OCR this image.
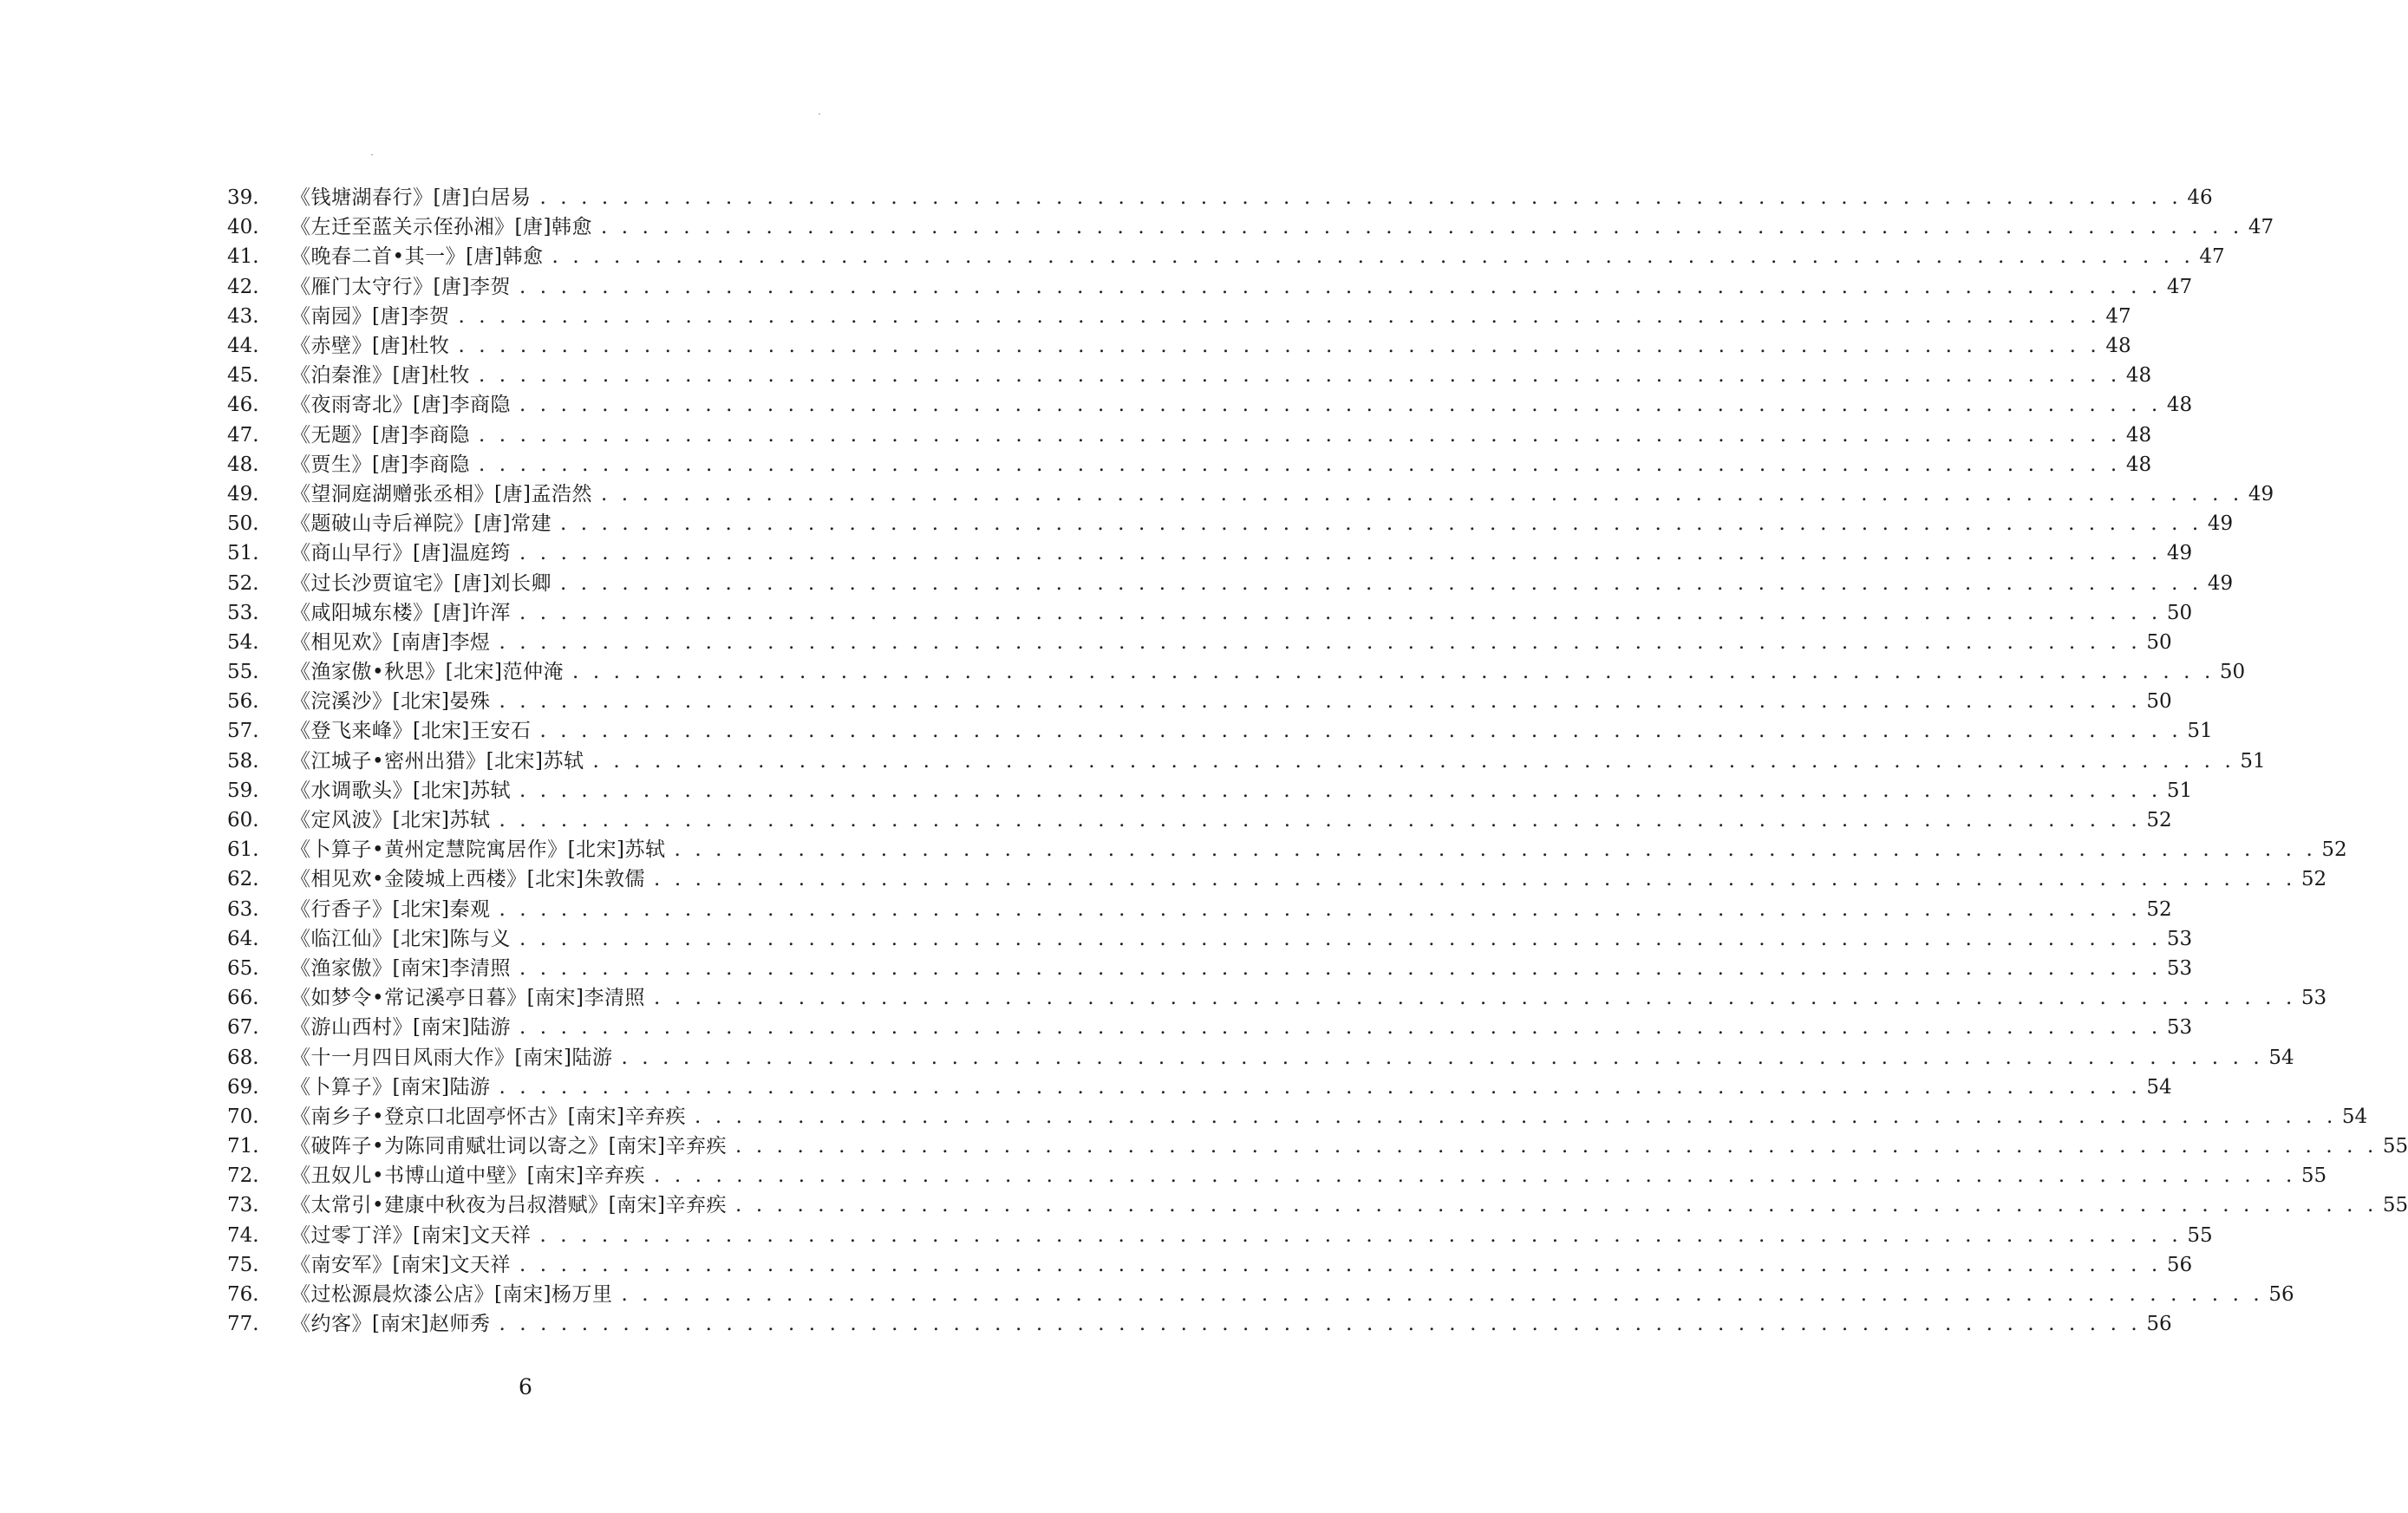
39.	《钱塘湖春行》[唐]白居易 . . . . . . . . . . . . . . . . . . . . . . . . . . . . . . . . . . . . . . . . . . . . . . . . . . . . . . . . . . . . . . . . . . . . . . . . . . . . . . . . 46
40.	《左迁至蓝关示侄孙湘》[唐]韩愈 . . . . . . . . . . . . . . . . . . . . . . . . . . . . . . . . . . . . . . . . . . . . . . . . . . . . . . . . . . . . . . . . . . . . . . . . . . . . . . . . 47
41.	《晚春二首•其一》[唐]韩愈 . . . . . . . . . . . . . . . . . . . . . . . . . . . . . . . . . . . . . . . . . . . . . . . . . . . . . . . . . . . . . . . . . . . . . . . . . . . . . . . . 47
42.	《雁门太守行》[唐]李贺 . . . . . . . . . . . . . . . . . . . . . . . . . . . . . . . . . . . . . . . . . . . . . . . . . . . . . . . . . . . . . . . . . . . . . . . . . . . . . . . . 47
43.	《南园》[唐]李贺 . . . . . . . . . . . . . . . . . . . . . . . . . . . . . . . . . . . . . . . . . . . . . . . . . . . . . . . . . . . . . . . . . . . . . . . . . . . . . . . . 47
44.	《赤壁》[唐]杜牧 . . . . . . . . . . . . . . . . . . . . . . . . . . . . . . . . . . . . . . . . . . . . . . . . . . . . . . . . . . . . . . . . . . . . . . . . . . . . . . . . 48
45.	《泊秦淮》[唐]杜牧 . . . . . . . . . . . . . . . . . . . . . . . . . . . . . . . . . . . . . . . . . . . . . . . . . . . . . . . . . . . . . . . . . . . . . . . . . . . . . . . . 48
46.	《夜雨寄北》[唐]李商隐 . . . . . . . . . . . . . . . . . . . . . . . . . . . . . . . . . . . . . . . . . . . . . . . . . . . . . . . . . . . . . . . . . . . . . . . . . . . . . . . . 48
47.	《无题》[唐]李商隐 . . . . . . . . . . . . . . . . . . . . . . . . . . . . . . . . . . . . . . . . . . . . . . . . . . . . . . . . . . . . . . . . . . . . . . . . . . . . . . . . 48
48.	《贾生》[唐]李商隐 . . . . . . . . . . . . . . . . . . . . . . . . . . . . . . . . . . . . . . . . . . . . . . . . . . . . . . . . . . . . . . . . . . . . . . . . . . . . . . . . 48
49.	《望洞庭湖赠张丞相》[唐]孟浩然 . . . . . . . . . . . . . . . . . . . . . . . . . . . . . . . . . . . . . . . . . . . . . . . . . . . . . . . . . . . . . . . . . . . . . . . . . . . . . . . . 49
50.	《题破山寺后禅院》[唐]常建 . . . . . . . . . . . . . . . . . . . . . . . . . . . . . . . . . . . . . . . . . . . . . . . . . . . . . . . . . . . . . . . . . . . . . . . . . . . . . . . . 49
51.	《商山早行》[唐]温庭筠 . . . . . . . . . . . . . . . . . . . . . . . . . . . . . . . . . . . . . . . . . . . . . . . . . . . . . . . . . . . . . . . . . . . . . . . . . . . . . . . . 49
52.	《过长沙贾谊宅》[唐]刘长卿 . . . . . . . . . . . . . . . . . . . . . . . . . . . . . . . . . . . . . . . . . . . . . . . . . . . . . . . . . . . . . . . . . . . . . . . . . . . . . . . . 49
53.	《咸阳城东楼》[唐]许浑 . . . . . . . . . . . . . . . . . . . . . . . . . . . . . . . . . . . . . . . . . . . . . . . . . . . . . . . . . . . . . . . . . . . . . . . . . . . . . . . . 50
54.	《相见欢》[南唐]李煜 . . . . . . . . . . . . . . . . . . . . . . . . . . . . . . . . . . . . . . . . . . . . . . . . . . . . . . . . . . . . . . . . . . . . . . . . . . . . . . . . 50
55.	《渔家傲•秋思》[北宋]范仲淹 . . . . . . . . . . . . . . . . . . . . . . . . . . . . . . . . . . . . . . . . . . . . . . . . . . . . . . . . . . . . . . . . . . . . . . . . . . . . . . . . 50
56.	《浣溪沙》[北宋]晏殊 . . . . . . . . . . . . . . . . . . . . . . . . . . . . . . . . . . . . . . . . . . . . . . . . . . . . . . . . . . . . . . . . . . . . . . . . . . . . . . . . 50
57.	《登飞来峰》[北宋]王安石 . . . . . . . . . . . . . . . . . . . . . . . . . . . . . . . . . . . . . . . . . . . . . . . . . . . . . . . . . . . . . . . . . . . . . . . . . . . . . . . . 51
58.	《江城子•密州出猎》[北宋]苏轼 . . . . . . . . . . . . . . . . . . . . . . . . . . . . . . . . . . . . . . . . . . . . . . . . . . . . . . . . . . . . . . . . . . . . . . . . . . . . . . . . 51
59.	《水调歌头》[北宋]苏轼 . . . . . . . . . . . . . . . . . . . . . . . . . . . . . . . . . . . . . . . . . . . . . . . . . . . . . . . . . . . . . . . . . . . . . . . . . . . . . . . . 51
60.	《定风波》[北宋]苏轼 . . . . . . . . . . . . . . . . . . . . . . . . . . . . . . . . . . . . . . . . . . . . . . . . . . . . . . . . . . . . . . . . . . . . . . . . . . . . . . . . 52
61.	《卜算子•黄州定慧院寓居作》[北宋]苏轼 . . . . . . . . . . . . . . . . . . . . . . . . . . . . . . . . . . . . . . . . . . . . . . . . . . . . . . . . . . . . . . . . . . . . . . . . . . . . . . . . 52
62.	《相见欢•金陵城上西楼》[北宋]朱敦儒 . . . . . . . . . . . . . . . . . . . . . . . . . . . . . . . . . . . . . . . . . . . . . . . . . . . . . . . . . . . . . . . . . . . . . . . . . . . . . . . . 52
63.	《行香子》[北宋]秦观 . . . . . . . . . . . . . . . . . . . . . . . . . . . . . . . . . . . . . . . . . . . . . . . . . . . . . . . . . . . . . . . . . . . . . . . . . . . . . . . . 52
64.	《临江仙》[北宋]陈与义 . . . . . . . . . . . . . . . . . . . . . . . . . . . . . . . . . . . . . . . . . . . . . . . . . . . . . . . . . . . . . . . . . . . . . . . . . . . . . . . . 53
65.	《渔家傲》[南宋]李清照 . . . . . . . . . . . . . . . . . . . . . . . . . . . . . . . . . . . . . . . . . . . . . . . . . . . . . . . . . . . . . . . . . . . . . . . . . . . . . . . . 53
66.	《如梦令•常记溪亭日暮》[南宋]李清照 . . . . . . . . . . . . . . . . . . . . . . . . . . . . . . . . . . . . . . . . . . . . . . . . . . . . . . . . . . . . . . . . . . . . . . . . . . . . . . . . 53
67.	《游山西村》[南宋]陆游 . . . . . . . . . . . . . . . . . . . . . . . . . . . . . . . . . . . . . . . . . . . . . . . . . . . . . . . . . . . . . . . . . . . . . . . . . . . . . . . . 53
68.	《十一月四日风雨大作》[南宋]陆游 . . . . . . . . . . . . . . . . . . . . . . . . . . . . . . . . . . . . . . . . . . . . . . . . . . . . . . . . . . . . . . . . . . . . . . . . . . . . . . . . 54
69.	《卜算子》[南宋]陆游 . . . . . . . . . . . . . . . . . . . . . . . . . . . . . . . . . . . . . . . . . . . . . . . . . . . . . . . . . . . . . . . . . . . . . . . . . . . . . . . . 54
70.	《南乡子•登京口北固亭怀古》[南宋]辛弃疾 . . . . . . . . . . . . . . . . . . . . . . . . . . . . . . . . . . . . . . . . . . . . . . . . . . . . . . . . . . . . . . . . . . . . . . . . . . . . . . . . 54
71.	《破阵子•为陈同甫赋壮词以寄之》[南宋]辛弃疾 . . . . . . . . . . . . . . . . . . . . . . . . . . . . . . . . . . . . . . . . . . . . . . . . . . . . . . . . . . . . . . . . . . . . . . . . . . . . . . . . 55
72.	《丑奴儿•书博山道中壁》[南宋]辛弃疾 . . . . . . . . . . . . . . . . . . . . . . . . . . . . . . . . . . . . . . . . . . . . . . . . . . . . . . . . . . . . . . . . . . . . . . . . . . . . . . . . 55
73.	《太常引•建康中秋夜为吕叔潜赋》[南宋]辛弃疾 . . . . . . . . . . . . . . . . . . . . . . . . . . . . . . . . . . . . . . . . . . . . . . . . . . . . . . . . . . . . . . . . . . . . . . . . . . . . . . . . 55
74.	《过零丁洋》[南宋]文天祥 . . . . . . . . . . . . . . . . . . . . . . . . . . . . . . . . . . . . . . . . . . . . . . . . . . . . . . . . . . . . . . . . . . . . . . . . . . . . . . . . 55
75.	《南安军》[南宋]文天祥 . . . . . . . . . . . . . . . . . . . . . . . . . . . . . . . . . . . . . . . . . . . . . . . . . . . . . . . . . . . . . . . . . . . . . . . . . . . . . . . . 56
76.	《过松源晨炊漆公店》[南宋]杨万里 . . . . . . . . . . . . . . . . . . . . . . . . . . . . . . . . . . . . . . . . . . . . . . . . . . . . . . . . . . . . . . . . . . . . . . . . . . . . . . . . 56
77.	《约客》[南宋]赵师秀 . . . . . . . . . . . . . . . . . . . . . . . . . . . . . . . . . . . . . . . . . . . . . . . . . . . . . . . . . . . . . . . . . . . . . . . . . . . . . . . . 56
6
